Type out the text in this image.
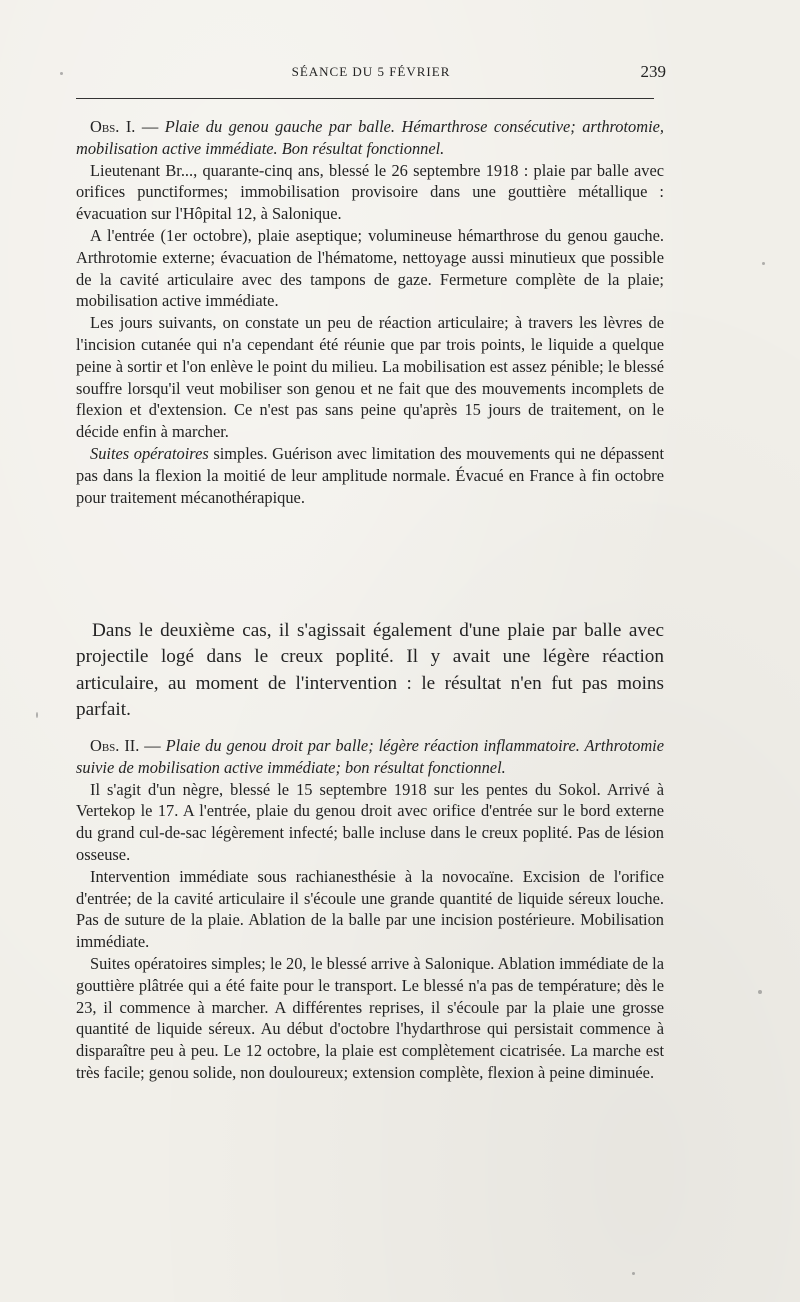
SÉANCE DU 5 FÉVRIER	239

Obs. I. — Plaie du genou gauche par balle. Hémarthrose consécutive; arthrotomie, mobilisation active immédiate. Bon résultat fonctionnel.

Lieutenant Br..., quarante-cinq ans, blessé le 26 septembre 1918 : plaie par balle avec orifices punctiformes; immobilisation provisoire dans une gouttière métallique : évacuation sur l'Hôpital 12, à Salonique.

A l'entrée (1er octobre), plaie aseptique; volumineuse hémarthrose du genou gauche. Arthrotomie externe; évacuation de l'hématome, nettoyage aussi minutieux que possible de la cavité articulaire avec des tampons de gaze. Fermeture complète de la plaie; mobilisation active immédiate.

Les jours suivants, on constate un peu de réaction articulaire; à travers les lèvres de l'incision cutanée qui n'a cependant été réunie que par trois points, le liquide a quelque peine à sortir et l'on enlève le point du milieu. La mobilisation est assez pénible; le blessé souffre lorsqu'il veut mobiliser son genou et ne fait que des mouvements incomplets de flexion et d'extension. Ce n'est pas sans peine qu'après 15 jours de traitement, on le décide enfin à marcher.

Suites opératoires simples. Guérison avec limitation des mouvements qui ne dépassent pas dans la flexion la moitié de leur amplitude normale. Évacué en France à fin octobre pour traitement mécanothérapique.

Dans le deuxième cas, il s'agissait également d'une plaie par balle avec projectile logé dans le creux poplité. Il y avait une légère réaction articulaire, au moment de l'intervention : le résultat n'en fut pas moins parfait.

Obs. II. — Plaie du genou droit par balle; légère réaction inflammatoire. Arthrotomie suivie de mobilisation active immédiate; bon résultat fonctionnel.

Il s'agit d'un nègre, blessé le 15 septembre 1918 sur les pentes du Sokol. Arrivé à Vertekop le 17. A l'entrée, plaie du genou droit avec orifice d'entrée sur le bord externe du grand cul-de-sac légèrement infecté; balle incluse dans le creux poplité. Pas de lésion osseuse.

Intervention immédiate sous rachianesthésie à la novocaïne. Excision de l'orifice d'entrée; de la cavité articulaire il s'écoule une grande quantité de liquide séreux louche. Pas de suture de la plaie. Ablation de la balle par une incision postérieure. Mobilisation immédiate.

Suites opératoires simples; le 20, le blessé arrive à Salonique. Ablation immédiate de la gouttière plâtrée qui a été faite pour le transport. Le blessé n'a pas de température; dès le 23, il commence à marcher. A différentes reprises, il s'écoule par la plaie une grosse quantité de liquide séreux. Au début d'octobre l'hydarthrose qui persistait commence à disparaître peu à peu. Le 12 octobre, la plaie est complètement cicatrisée. La marche est très facile; genou solide, non douloureux; extension complète, flexion à peine diminuée.
